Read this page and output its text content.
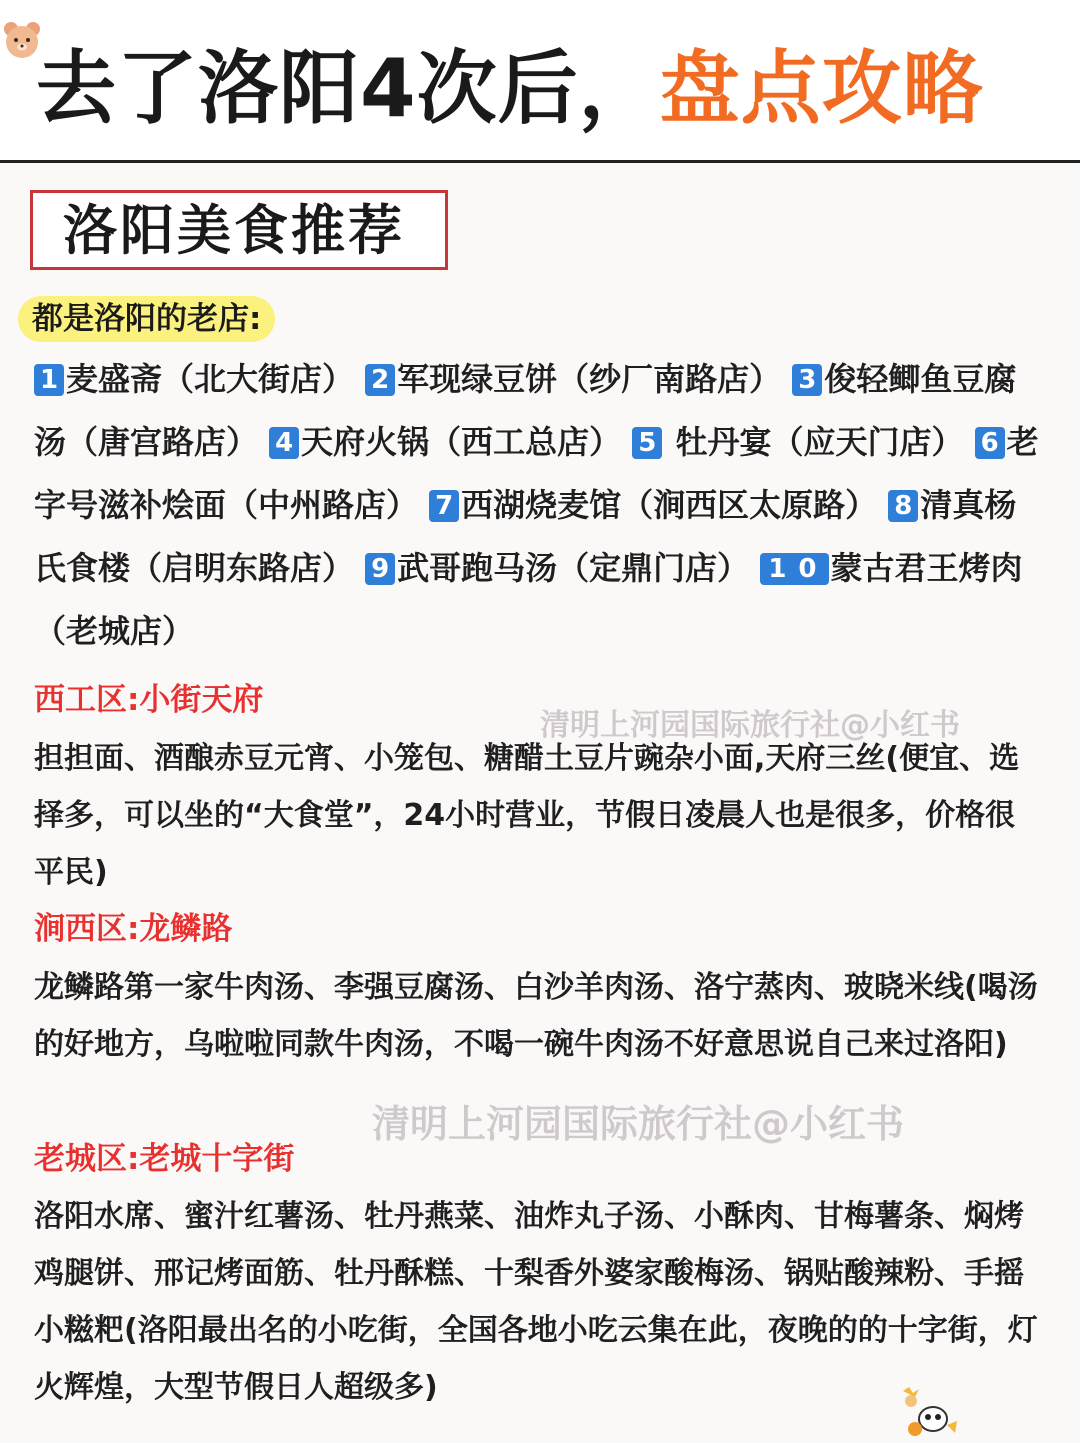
去了洛阳4次后，盘点攻略
洛阳美食推荐
都是洛阳的老店:
1 麦盛斋（北大街店） 2 军现绿豆饼（纱厂南路店） 3 俊轻鲫鱼豆腐汤（唐宫路店） 4 天府火锅（西工总店） 5 牡丹宴（应天门店） 6 老字号滋补烩面（中州路店） 7 西湖烧麦馆（涧西区太原路） 8 清真杨氏食楼（启明东路店） 9 武哥跑马汤（定鼎门店） 10蒙古君王烤肉（老城店）
西工区:小街天府
担担面、酒酿赤豆元宵、小笼包、糖醋土豆片豌杂小面,天府三丝(便宜、选择多，可以坐的“大食堂”，24小时营业，节假日凌晨人也是很多，价格很平民)
涧西区:龙鳞路
龙鳞路第一家牛肉汤、李强豆腐汤、白沙羊肉汤、洛宁蒸肉、玻晓米线(喝汤的好地方，乌啦啦同款牛肉汤，不喝一碗牛肉汤不好意思说自己来过洛阳)
老城区:老城十字街
洛阳水席、蜜汁红薯汤、牡丹燕菜、油炸丸子汤、小酥肉、甘梅薯条、焖烤鸡腿饼、邢记烤面筋、牡丹酥糕、十梨香外婆家酸梅汤、锅贴酸辣粉、手摇小糍粑(洛阳最出名的小吃街，全国各地小吃云集在此，夜晚的的十字街，灯火辉煌，大型节假日人超级多)
清明上河园国际旅行社@小红书
清明上河园国际旅行社@小红书
